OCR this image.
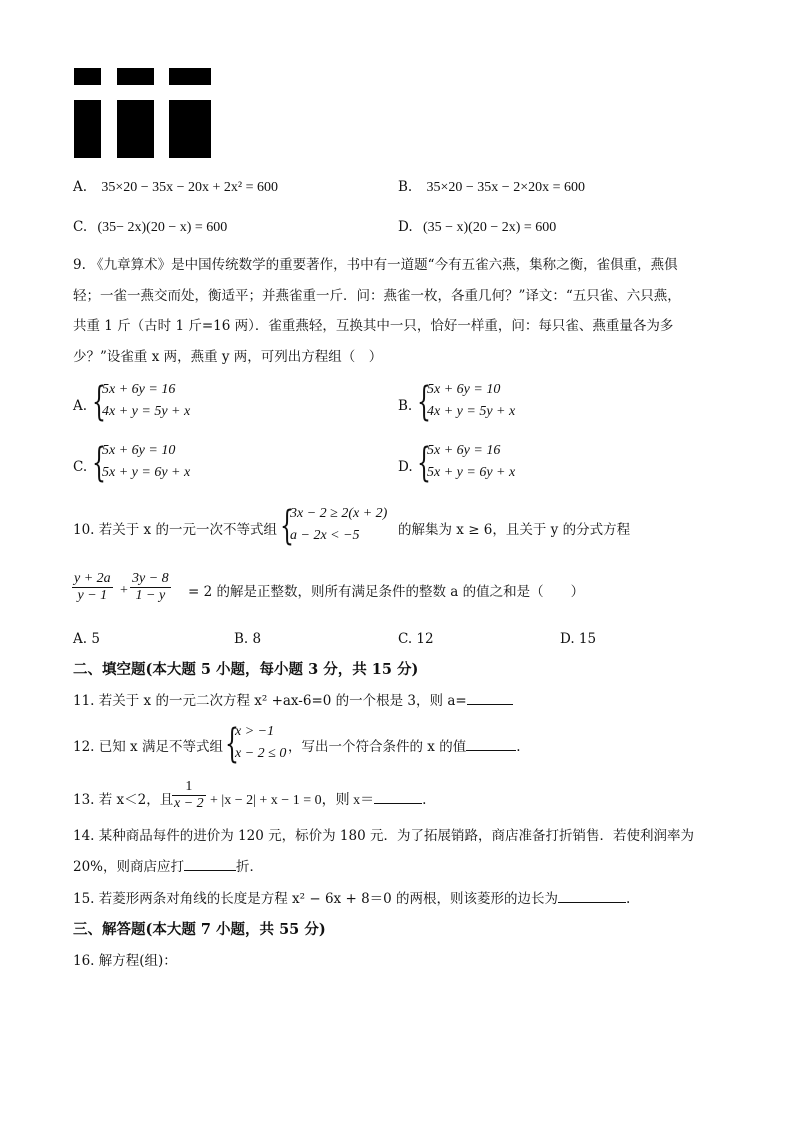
A. 35×20 − 35x − 20x + 2x² = 600	B. 35×20 − 35x − 2×20x = 600
C. (35− 2x)(20 − x) = 600	D. (35 − x)(20 − 2x) = 600
9. 《九章算术》是中国传统数学的重要著作，书中有一道题“今有五雀六燕，集称之衡，雀俱重，燕俱
轻；一雀一燕交而处，衡适平；并燕雀重一斤．问：燕雀一枚，各重几何？”译文：“五只雀、六只燕，
共重 1 斤（古时 1 斤=16 两）．雀重燕轻，互换其中一只，恰好一样重，问：每只雀、燕重量各为多
少？”设雀重 x 两，燕重 y 两，可列出方程组（　）
A. {
5x + 6y = 16
4x + y = 5y + x	B. {
5x + 6y = 10
4x + y = 5y + x
C. {
5x + 6y = 10
5x + y = 6y + x	D. {
5x + 6y = 16
5x + y = 6y + x
10. 若关于 x 的一元一次不等式组 {
3x − 2 ≥ 2(x + 2)
a − 2x < −5	的解集为 x ≥ 6，且关于 y 的分式方程
$\frac{y + 2a}{y - 1} + \frac{3y - 8}{1 - y} = 2$ 的解是正整数，则所有满足条件的整数 a 的值之和是（　　）
A. 5	B. 8	C. 12	D. 15
二、填空题(本大题 5 小题，每小题 3 分，共 15 分)
11. 若关于 x 的一元二次方程 x² +ax-6=0 的一个根是 3，则 a=
12. 已知 x 满足不等式组 {
x > −1
x − 2 ≤ 0 ，写出一个符合条件的 x 的值	.
13. 若 x＜2，且
$\frac{1}{x - 2} + |x - 2| + x - 1 = 0$，则 x＝	.
14. 某种商品每件的进价为 120 元，标价为 180 元．为了拓展销路，商店准备打折销售．若使利润率为
20%，则商店应打	折．
15. 若菱形两条对角线的长度是方程 x² − 6x + 8＝0 的两根，则该菱形的边长为	.
三、解答题(本大题 7 小题，共 55 分)
16. 解方程(组)：
